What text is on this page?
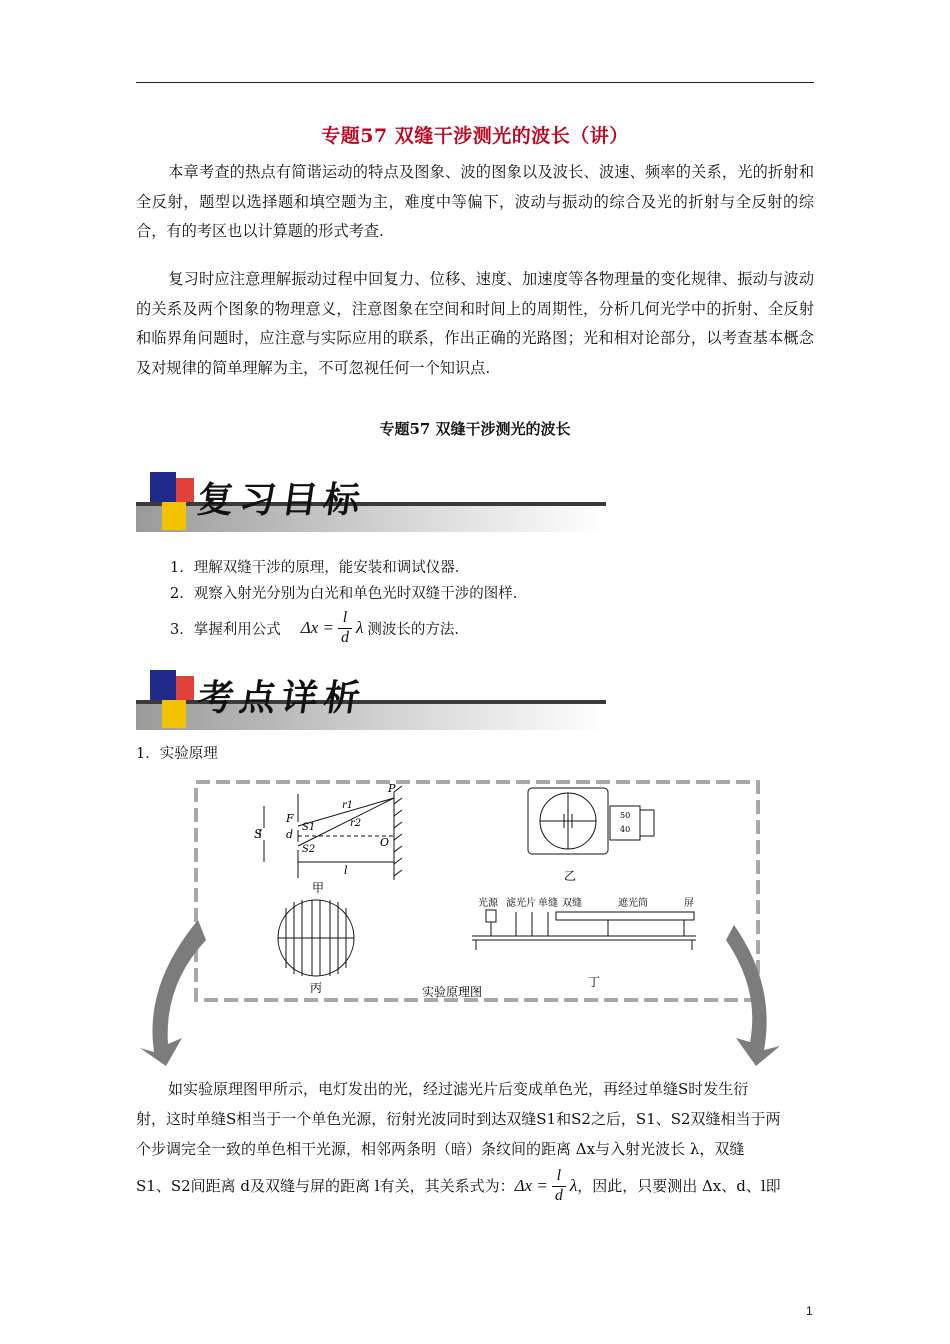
专题57 双缝干涉测光的波长（讲）
本章考查的热点有简谐运动的特点及图象、波的图象以及波长、波速、频率的关系，光的折射和全反射，题型以选择题和填空题为主，难度中等偏下，波动与振动的综合及光的折射与全反射的综合，有的考区也以计算题的形式考查.
复习时应注意理解振动过程中回复力、位移、速度、加速度等各物理量的变化规律、振动与波动的关系及两个图象的物理意义，注意图象在空间和时间上的周期性，分析几何光学中的折射、全反射和临界角问题时，应注意与实际应用的联系，作出正确的光路图；光和相对论部分，以考查基本概念及对规律的简单理解为主，不可忽视任何一个知识点.
专题57 双缝干涉测光的波长
复习目标
1．理解双缝干涉的原理，能安装和调试仪器.
2．观察入射光分别为白光和单色光时双缝干涉的图样.
3．掌握利用公式 $\Delta x = \frac{l}{d}$ λ 测波长的方法.
考点详析
1．实验原理
S
F
d
S1
S2
r1
r2
P
O
l
甲
丙
50
40
乙
光源 滤光片 单缝 双缝	遮光筒	屏
丁
实验原理图
如实验原理图甲所示，电灯发出的光，经过滤光片后变成单色光，再经过单缝S时发生衍
射，这时单缝S相当于一个单色光源，衍射光波同时到达双缝S1和S2之后，S1、S2双缝相当于两
个步调完全一致的单色相干光源，相邻两条明（暗）条纹间的距离 Δx与入射光波长 λ，双缝
S1、S2间距离 d及双缝与屏的距离 l有关，其关系式为： $\Delta x = \frac{l}{d}$ λ ，因此，只要测出 Δx、d、l即
1
